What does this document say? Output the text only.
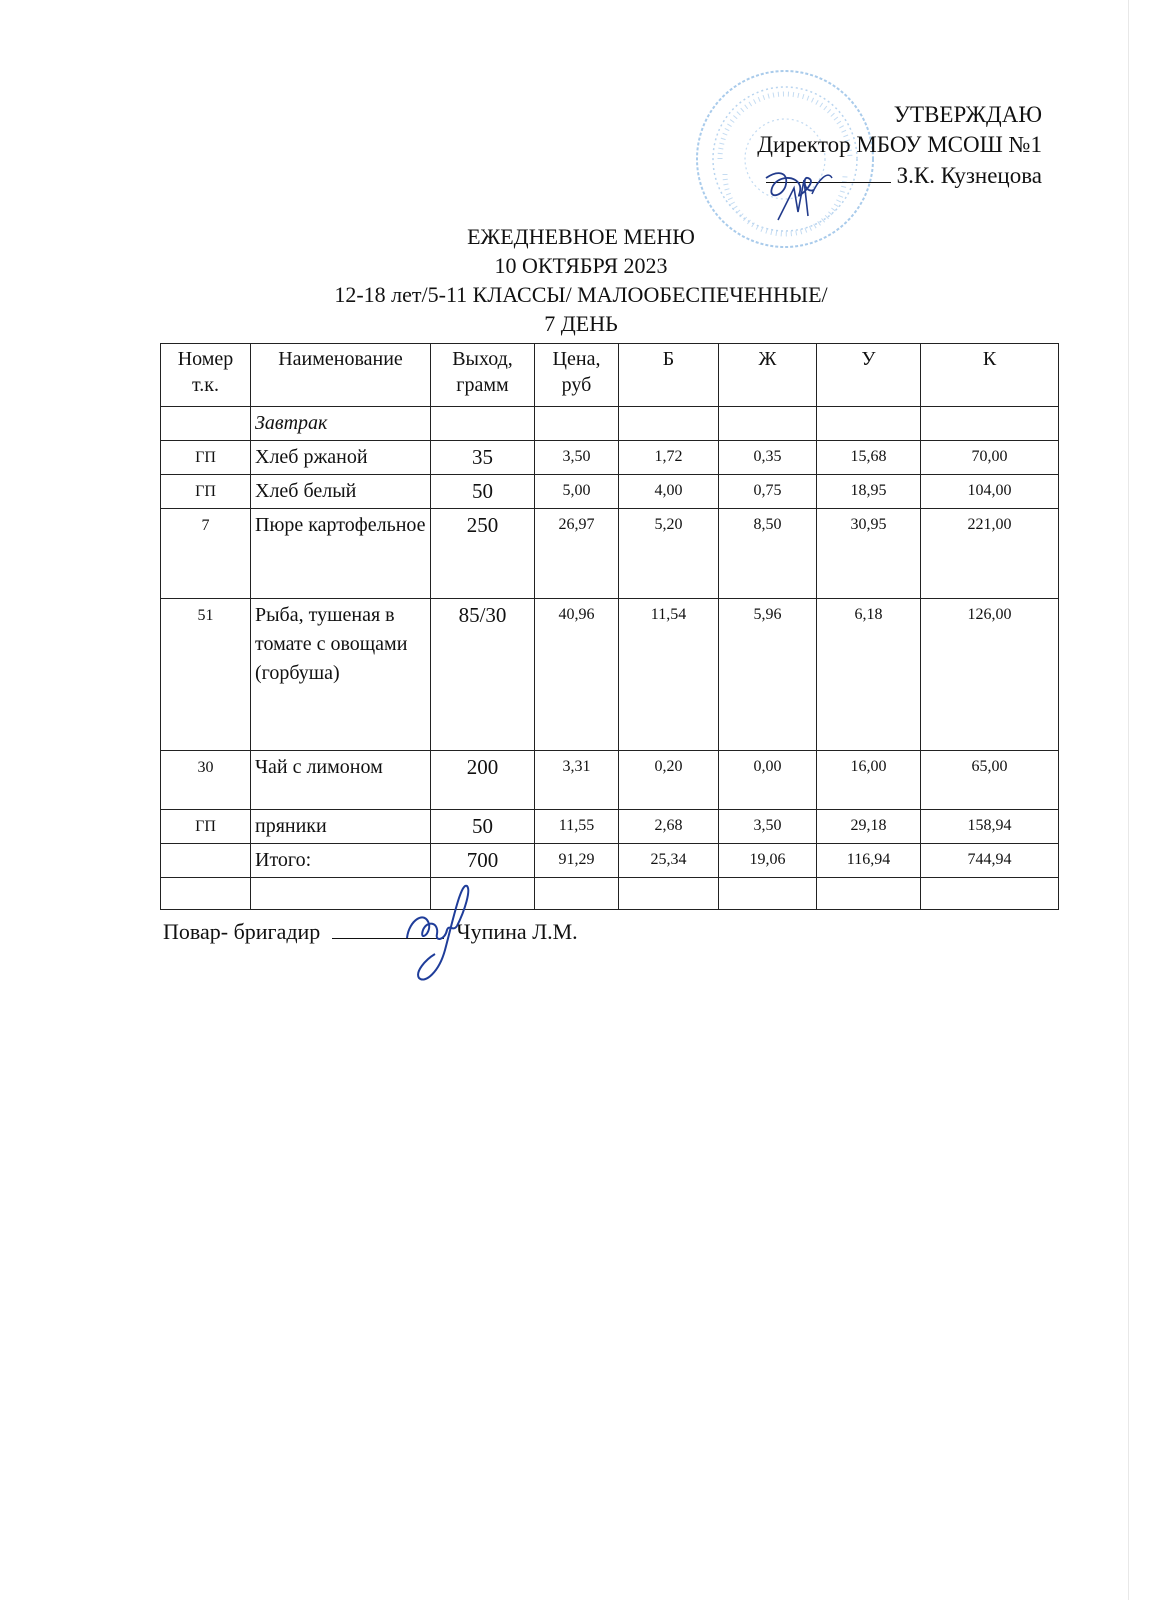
УТВЕРЖДАЮ
Директор МБОУ МСОШ №1
З.К. Кузнецова
ЕЖЕДНЕВНОЕ МЕНЮ
10 ОКТЯБРЯ 2023
12-18 лет/5-11 КЛАССЫ/ МАЛООБЕСПЕЧЕННЫЕ/
7 ДЕНЬ
Номер т.к.	Наименование	Выход, грамм	Цена, руб	Б	Ж	У	К
	Завтрак						
ГП	Хлеб ржаной	35	3,50	1,72	0,35	15,68	70,00
ГП	Хлеб белый	50	5,00	4,00	0,75	18,95	104,00
7	Пюре картофельное	250	26,97	5,20	8,50	30,95	221,00
51	Рыба, тушеная в томате с овощами (горбуша)	85/30	40,96	11,54	5,96	6,18	126,00
30	Чай с лимоном	200	3,31	0,20	0,00	16,00	65,00
ГП	пряники	50	11,55	2,68	3,50	29,18	158,94
	Итого:	700	91,29	25,34	19,06	116,94	744,94

Повар- бригадир	Чупина Л.М.
